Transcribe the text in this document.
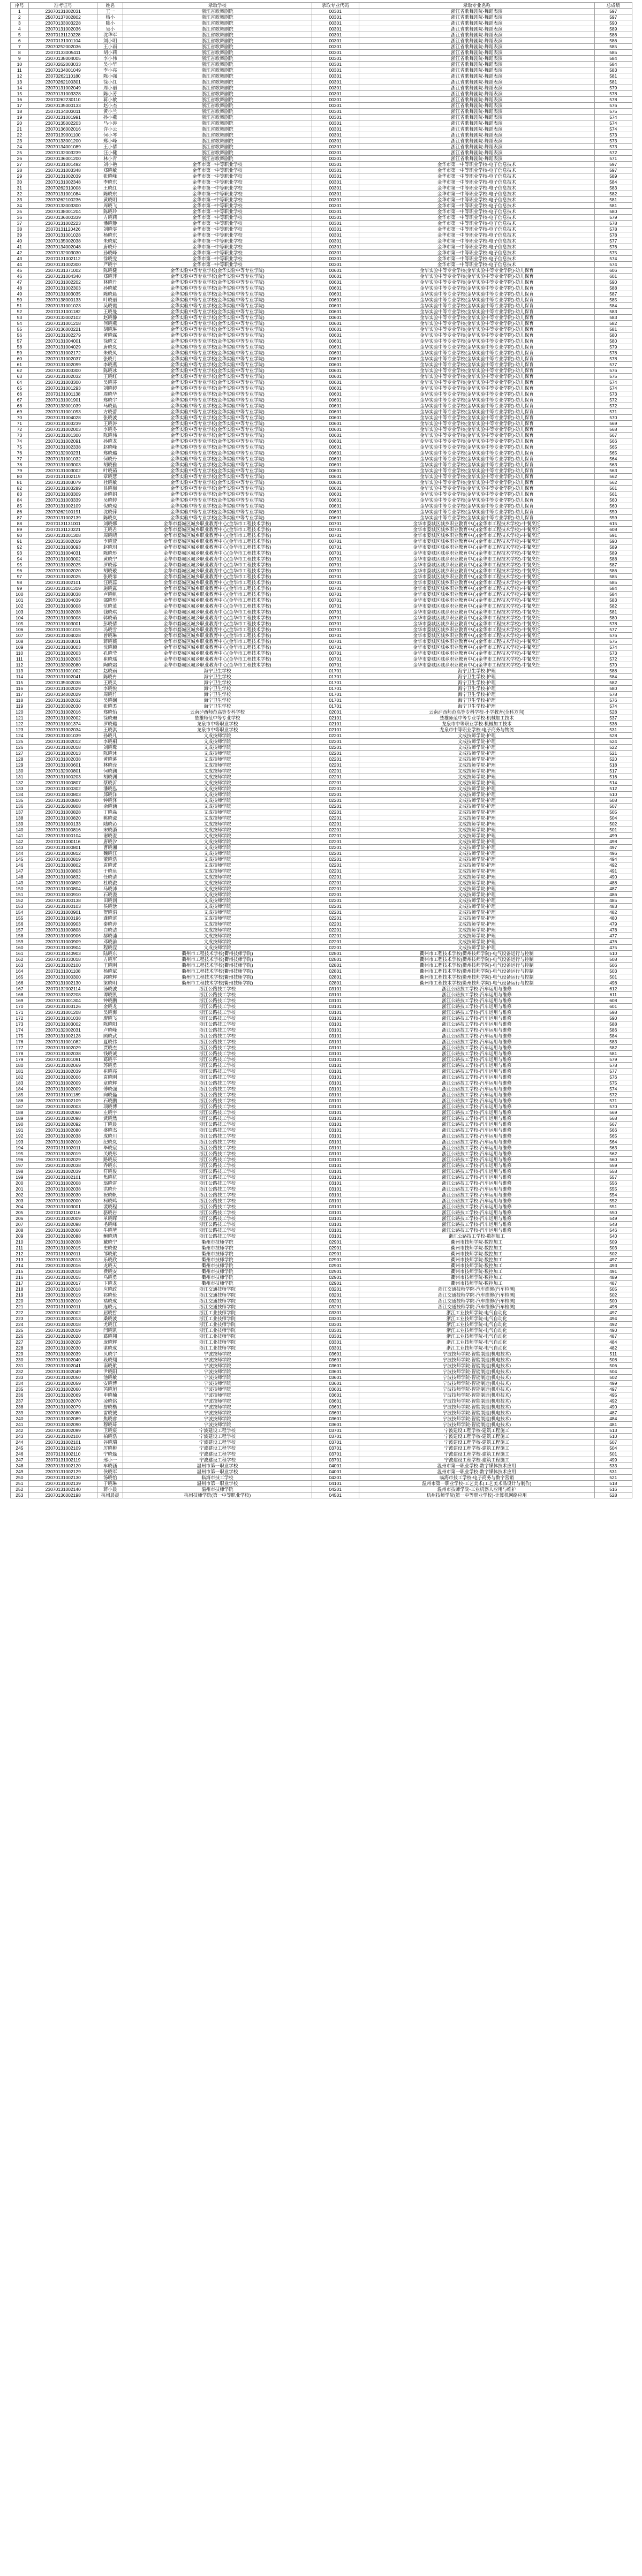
序号	准考证号	姓名	录取学校	录取专业代码	录取专业名称	总成绩
1	23070131002031	王一	浙江省歌舞剧院	00301	浙江省歌舞剧院-舞蹈表演	597
2	25070137002802	杨小	浙江省歌舞剧院	00301	浙江省歌舞剧院-舞蹈表演	597
3	23070133003228	陈小	浙江省歌舞剧院	00301	浙江省歌舞剧院-舞蹈表演	590
4	23070131002036	吴小	浙江省歌舞剧院	00301	浙江省歌舞剧院-舞蹈表演	589
5	23070131120228	沈华军	浙江省歌舞剧院	00301	浙江省歌舞剧院-舞蹈表演	586
6	23070131001104	刘小明	浙江省歌舞剧院	00301	浙江省歌舞剧院-舞蹈表演	586
7	23070252002036	王小雨	浙江省歌舞剧院	00301	浙江省歌舞剧院-舞蹈表演	585
8	23070133005411	胡小莉	浙江省歌舞剧院	00301	浙江省歌舞剧院-舞蹈表演	585
9	23070138004005	李小伟	浙江省歌舞剧院	00301	浙江省歌舞剧院-舞蹈表演	584
10	23070262003033	吴小华	浙江省歌舞剧院	00301	浙江省歌舞剧院-舞蹈表演	584
11	23070134001049	李小亮	浙江省歌舞剧院	00301	浙江省歌舞剧院-舞蹈表演	583
12	23070262110180	陈小强	浙江省歌舞剧院	00301	浙江省歌舞剧院-舞蹈表演	581
13	23070262100301	徐小红	浙江省歌舞剧院	00301	浙江省歌舞剧院-舞蹈表演	581
14	23070131002049	周小丽	浙江省歌舞剧院	00301	浙江省歌舞剧院-舞蹈表演	579
15	23070131003328	陈小芳	浙江省歌舞剧院	00301	浙江省歌舞剧院-舞蹈表演	578
16	23070262230110	蒋小敏	浙江省歌舞剧院	00301	浙江省歌舞剧院-舞蹈表演	578
17	23070135000133	赵小杰	浙江省歌舞剧院	00301	浙江省歌舞剧院-舞蹈表演	576
18	23070134003011	黄小兰	浙江省歌舞剧院	00301	浙江省歌舞剧院-舞蹈表演	575
19	23070131001991	孙小燕	浙江省歌舞剧院	00301	浙江省歌舞剧院-舞蹈表演	574
20	23070135002203	马小涛	浙江省歌舞剧院	00301	浙江省歌舞剧院-舞蹈表演	574
21	23070136002016	许小云	浙江省歌舞剧院	00301	浙江省歌舞剧院-舞蹈表演	574
22	23070139001100	何小琴	浙江省歌舞剧院	00301	浙江省歌舞剧院-舞蹈表演	573
23	23070133001200	郑小峰	浙江省歌舞剧院	00301	浙江省歌舞剧院-舞蹈表演	573
24	23070134001089	王小倩	浙江省歌舞剧院	00301	浙江省歌舞剧院-舞蹈表演	573
25	23070132003239	汪小健	浙江省歌舞剧院	00301	浙江省歌舞剧院-舞蹈表演	572
26	23070136001200	林小青	浙江省歌舞剧院	00301	浙江省歌舞剧院-舞蹈表演	571
27	23070131001492	刘小艳	金华市第一中等职业学校	00301	金华市第一中等职业学校-电子信息技术	597
28	23070131003348	郑晓敏	金华市第一中等职业学校	00301	金华市第一中等职业学校-电子信息技术	597
29	23070131002039	张晓峰	金华市第一中等职业学校	00301	金华市第一中等职业学校-电子信息技术	589
30	23070131002348	李晓东	金华市第一中等职业学校	00301	金华市第一中等职业学校-电子信息技术	584
31	23070262310008	王晓红	金华市第一中等职业学校	00301	金华市第一中等职业学校-电子信息技术	583
32	23070131001084	陈晓东	金华市第一中等职业学校	00301	金华市第一中等职业学校-电子信息技术	582
33	23070262100236	黄晓明	金华市第一中等职业学校	00301	金华市第一中等职业学校-电子信息技术	581
34	23070133003300	周晓飞	金华市第一中等职业学校	00301	金华市第一中等职业学校-电子信息技术	581
35	23070138001204	陈晓玲	金华市第一中等职业学校	00301	金华市第一中等职业学校-电子信息技术	580
36	23070136000339	方晓莉	金华市第一中等职业学校	00301	金华市第一中等职业学校-电子信息技术	579
37	23070131002223	潘晓静	金华市第一中等职业学校	00301	金华市第一中等职业学校-电子信息技术	578
38	23070131120426	刘晓雯	金华市第一中等职业学校	00301	金华市第一中等职业学校-电子信息技术	578
39	23070131001028	杨晓东	金华市第一中等职业学校	00301	金华市第一中等职业学校-电子信息技术	578
40	23070135002038	朱晓斌	金华市第一中等职业学校	00301	金华市第一中等职业学校-电子信息技术	577
41	23070134002048	唐晓玲	金华市第一中等职业学校	00301	金华市第一中等职业学校-电子信息技术	576
42	23070132003030	孙晓峰	金华市第一中等职业学校	00301	金华市第一中等职业学校-电子信息技术	575
43	23070131002112	徐晓雯	金华市第一中等职业学校	00301	金华市第一中等职业学校-电子信息技术	574
44	23070131002300	严晓宇	金华市第一中等职业学校	00301	金华市第一中等职业学校-电子信息技术	574
45	23070131371002	陈晓健	金华实验中等专业学校(金华实验中等专业学院)	00601	金华实验中等专业学校(金华实验中等专业学院)-幼儿保育	606
46	23070131004340	郑晓萍	金华实验中等专业学校(金华实验中等专业学院)	00601	金华实验中等专业学校(金华实验中等专业学院)-幼儿保育	601
47	23070131002202	林晓丹	金华实验中等专业学校(金华实验中等专业学院)	00601	金华实验中等专业学校(金华实验中等专业学院)-幼儿保育	590
48	23070131002303	孙晓敏	金华实验中等专业学校(金华实验中等专业学院)	00601	金华实验中等专业学校(金华实验中等专业学院)-幼儿保育	588
49	23070131003035	陈晓晨	金华实验中等专业学校(金华实验中等专业学院)	00601	金华实验中等专业学校(金华实验中等专业学院)-幼儿保育	587
50	23070138000133	叶晓丽	金华实验中等专业学校(金华实验中等专业学院)	00601	金华实验中等专业学校(金华实验中等专业学院)-幼儿保育	585
51	23070131001023	吴晓霞	金华实验中等专业学校(金华实验中等专业学院)	00601	金华实验中等专业学校(金华实验中等专业学院)-幼儿保育	584
52	23070131001182	王晓曼	金华实验中等专业学校(金华实验中等专业学院)	00601	金华实验中等专业学校(金华实验中等专业学院)-幼儿保育	583
53	23070133002102	赵晓静	金华实验中等专业学校(金华实验中等专业学院)	00601	金华实验中等专业学校(金华实验中等专业学院)-幼儿保育	583
54	23070131001218	何晓燕	金华实验中等专业学校(金华实验中等专业学院)	00601	金华实验中等专业学校(金华实验中等专业学院)-幼儿保育	582
55	23070136000221	胡晓琳	金华实验中等专业学校(金华实验中等专业学院)	00601	金华实验中等专业学校(金华实验中等专业学院)-幼儿保育	581
56	23070131002279	黄晓霖	金华实验中等专业学校(金华实验中等专业学院)	00601	金华实验中等专业学校(金华实验中等专业学院)-幼儿保育	580
57	23070131004001	徐晓文	金华实验中等专业学校(金华实验中等专业学院)	00601	金华实验中等专业学校(金华实验中等专业学院)-幼儿保育	580
58	23070131004029	唐晓岚	金华实验中等专业学校(金华实验中等专业学院)	00601	金华实验中等专业学校(金华实验中等专业学院)-幼儿保育	579
59	23070131002172	朱晓凤	金华实验中等专业学校(金华实验中等专业学院)	00601	金华实验中等专业学校(金华实验中等专业学院)-幼儿保育	578
60	23070131002037	张晓月	金华实验中等专业学校(金华实验中等专业学院)	00601	金华实验中等专业学校(金华实验中等专业学院)-幼儿保育	578
61	23070131002099	李晓燕	金华实验中等专业学校(金华实验中等专业学院)	00601	金华实验中等专业学校(金华实验中等专业学院)-幼儿保育	577
62	23070131003300	陈晓冰	金华实验中等专业学校(金华实验中等专业学院)	00601	金华实验中等专业学校(金华实验中等专业学院)-幼儿保育	576
63	23070131002032	王晓红	金华实验中等专业学校(金华实验中等专业学院)	00601	金华实验中等专业学校(金华实验中等专业学院)-幼儿保育	575
64	23070131003300	吴晓芬	金华实验中等专业学校(金华实验中等专业学院)	00601	金华实验中等专业学校(金华实验中等专业学院)-幼儿保育	574
65	23070131001293	刘晓婷	金华实验中等专业学校(金华实验中等专业学院)	00601	金华实验中等专业学校(金华实验中等专业学院)-幼儿保育	574
66	23070131001138	周晓华	金华实验中等专业学校(金华实验中等专业学院)	00601	金华实验中等专业学校(金华实验中等专业学院)-幼儿保育	573
67	23070131001901	郑晓宇	金华实验中等专业学校(金华实验中等专业学院)	00601	金华实验中等专业学校(金华实验中等专业学院)-幼儿保育	572
68	23070133001039	马晓晨	金华实验中等专业学校(金华实验中等专业学院)	00601	金华实验中等专业学校(金华实验中等专业学院)-幼儿保育	572
69	23070131001093	方晓蕾	金华实验中等专业学校(金华实验中等专业学院)	00601	金华实验中等专业学校(金华实验中等专业学院)-幼儿保育	571
70	23070131004028	张晓波	金华实验中等专业学校(金华实验中等专业学院)	00601	金华实验中等专业学校(金华实验中等专业学院)-幼儿保育	570
71	23070131003239	王晓涛	金华实验中等专业学校(金华实验中等专业学院)	00601	金华实验中等专业学校(金华实验中等专业学院)-幼儿保育	569
72	23070131002003	李晓冬	金华实验中等专业学校(金华实验中等专业学院)	00601	金华实验中等专业学校(金华实验中等专业学院)-幼儿保育	568
73	23070131001300	陈晓伟	金华实验中等专业学校(金华实验中等专业学院)	00601	金华实验中等专业学校(金华实验中等专业学院)-幼儿保育	567
74	23070131002091	孙晓龙	金华实验中等专业学校(金华实验中等专业学院)	00601	金华实验中等专业学校(金华实验中等专业学院)-幼儿保育	566
75	23070131002338	赵晓峰	金华实验中等专业学校(金华实验中等专业学院)	00601	金华实验中等专业学校(金华实验中等专业学院)-幼儿保育	565
76	23070132000231	郑晓璐	金华实验中等专业学校(金华实验中等专业学院)	00601	金华实验中等专业学校(金华实验中等专业学院)-幼儿保育	565
77	23070131001032	何晓丹	金华实验中等专业学校(金华实验中等专业学院)	00601	金华实验中等专业学校(金华实验中等专业学院)-幼儿保育	564
78	23070131003003	胡晓雅	金华实验中等专业学校(金华实验中等专业学院)	00601	金华实验中等专业学校(金华实验中等专业学院)-幼儿保育	563
79	23070131003002	叶晓茹	金华实验中等专业学校(金华实验中等专业学院)	00601	金华实验中等专业学校(金华实验中等专业学院)-幼儿保育	563
80	23070131002119	章晓慧	金华实验中等专业学校(金华实验中等专业学院)	00601	金华实验中等专业学校(金华实验中等专业学院)-幼儿保育	562
81	23070131003079	杜晓敏	金华实验中等专业学校(金华实验中等专业学院)	00601	金华实验中等专业学校(金华实验中等专业学院)-幼儿保育	562
82	23070131003289	吕晓梅	金华实验中等专业学校(金华实验中等专业学院)	00601	金华实验中等专业学校(金华实验中等专业学院)-幼儿保育	561
83	23070131003309	金晓娟	金华实验中等专业学校(金华实验中等专业学院)	00601	金华实验中等专业学校(金华实验中等专业学院)-幼儿保育	561
84	23070131003339	吴晓婷	金华实验中等专业学校(金华实验中等专业学院)	00601	金华实验中等专业学校(金华实验中等专业学院)-幼儿保育	560
85	23070131002109	倪晓琼	金华实验中等专业学校(金华实验中等专业学院)	00601	金华实验中等专业学校(金华实验中等专业学院)-幼儿保育	560
86	23070262100191	沈晓萍	金华实验中等专业学校(金华实验中等专业学院)	00601	金华实验中等专业学校(金华实验中等专业学院)-幼儿保育	559
87	23070131002139	陈晓岚	金华实验中等专业学校(金华实验中等专业学院)	00601	金华实验中等专业学校(金华实验中等专业学院)-幼儿保育	559
88	23070131131001	刘晓娜	金华市婺城区城乡职业教育中心(金华市工程技术学校)	00701	金华市婺城区城乡职业教育中心(金华市工程技术学校)-中餐烹饪	615
89	23070131120221	王晓君	金华市婺城区城乡职业教育中心(金华市工程技术学校)	00701	金华市婺城区城乡职业教育中心(金华市工程技术学校)-中餐烹饪	608
90	23070131001308	周晓晴	金华市婺城区城乡职业教育中心(金华市工程技术学校)	00701	金华市婺城区城乡职业教育中心(金华市工程技术学校)-中餐烹饪	591
91	23070133002019	李晓萱	金华市婺城区城乡职业教育中心(金华市工程技术学校)	00701	金华市婺城区城乡职业教育中心(金华市工程技术学校)-中餐烹饪	590
92	23070131003093	赵晓玥	金华市婺城区城乡职业教育中心(金华市工程技术学校)	00701	金华市婺城区城乡职业教育中心(金华市工程技术学校)-中餐烹饪	589
93	23070131004031	陈晓彤	金华市婺城区城乡职业教育中心(金华市工程技术学校)	00701	金华市婺城区城乡职业教育中心(金华市工程技术学校)-中餐烹饪	589
94	23070131003002	黄晓宁	金华市婺城区城乡职业教育中心(金华市工程技术学校)	00701	金华市婺城区城乡职业教育中心(金华市工程技术学校)-中餐烹饪	588
95	23070131002025	罗晓蓉	金华市婺城区城乡职业教育中心(金华市工程技术学校)	00701	金华市婺城区城乡职业教育中心(金华市工程技术学校)-中餐烹饪	587
96	23070131002020	胡晓璇	金华市婺城区城乡职业教育中心(金华市工程技术学校)	00701	金华市婺城区城乡职业教育中心(金华市工程技术学校)-中餐烹饪	586
97	23070131002025	张晓霏	金华市婺城区城乡职业教育中心(金华市工程技术学校)	00701	金华市婺城区城乡职业教育中心(金华市工程技术学校)-中餐烹饪	585
98	23070131002101	汪晓蕊	金华市婺城区城乡职业教育中心(金华市工程技术学校)	00701	金华市婺城区城乡职业教育中心(金华市工程技术学校)-中餐烹饪	585
99	23070131001319	施晓露	金华市婺城区城乡职业教育中心(金华市工程技术学校)	00701	金华市婺城区城乡职业教育中心(金华市工程技术学校)-中餐烹饪	584
100	23070131003038	卢晓帆	金华市婺城区城乡职业教育中心(金华市工程技术学校)	00701	金华市婺城区城乡职业教育中心(金华市工程技术学校)-中餐烹饪	584
101	23070131004039	邵晓彤	金华市婺城区城乡职业教育中心(金华市工程技术学校)	00701	金华市婺城区城乡职业教育中心(金华市工程技术学校)-中餐烹饪	583
102	23070131003008	范晓蓝	金华市婺城区城乡职业教育中心(金华市工程技术学校)	00701	金华市婺城区城乡职业教育中心(金华市工程技术学校)-中餐烹饪	582
103	23070131002038	钱晓琪	金华市婺城区城乡职业教育中心(金华市工程技术学校)	00701	金华市婺城区城乡职业教育中心(金华市工程技术学校)-中餐烹饪	581
104	23070131003008	韩晓萌	金华市婺城区城乡职业教育中心(金华市工程技术学校)	00701	金华市婺城区城乡职业教育中心(金华市工程技术学校)-中餐烹饪	580
105	23070131003001	彭晓倩	金华市婺城区城乡职业教育中心(金华市工程技术学校)	00701	金华市婺城区城乡职业教育中心(金华市工程技术学校)-中餐烹饪	578
106	23070131001015	冯晓雪	金华市婺城区城乡职业教育中心(金华市工程技术学校)	00701	金华市婺城区城乡职业教育中心(金华市工程技术学校)-中餐烹饪	577
107	23070131004028	曾晓琳	金华市婺城区城乡职业教育中心(金华市工程技术学校)	00701	金华市婺城区城乡职业教育中心(金华市工程技术学校)-中餐烹饪	576
108	23070131003031	蒋晓薇	金华市婺城区城乡职业教育中心(金华市工程技术学校)	00701	金华市婺城区城乡职业教育中心(金华市工程技术学校)-中餐烹饪	575
109	23070131003003	沈晓颖	金华市婺城区城乡职业教育中心(金华市工程技术学校)	00701	金华市婺城区城乡职业教育中心(金华市工程技术学校)-中餐烹饪	574
110	23070131002003	孔晓莹	金华市婺城区城乡职业教育中心(金华市工程技术学校)	00701	金华市婺城区城乡职业教育中心(金华市工程技术学校)-中餐烹饪	573
111	23070131002003	崔晓瑶	金华市婺城区城乡职业教育中心(金华市工程技术学校)	00701	金华市婺城区城乡职业教育中心(金华市工程技术学校)-中餐烹饪	572
112	23070133002080	陶晓霜	金华市婺城区城乡职业教育中心(金华市工程技术学校)	00701	金华市婺城区城乡职业教育中心(金华市工程技术学校)-中餐烹饪	570
113	23070131001002	赵晓雨	海宁卫生学校	01701	海宁卫生学校-护理	588
114	23070131002041	陈晓冉	海宁卫生学校	01701	海宁卫生学校-护理	584
115	23070135002038	王晓灵	海宁卫生学校	01701	海宁卫生学校-护理	582
116	23070131002029	李晓悦	海宁卫生学校	01701	海宁卫生学校-护理	580
117	23070134002029	周晓竹	海宁卫生学校	01701	海宁卫生学校-护理	578
118	23070131002032	吴晓娴	海宁卫生学校	01701	海宁卫生学校-护理	576
119	23070133002030	张晓柔	海宁卫生学校	01701	海宁卫生学校-护理	574
120	23070131002016	郑晓怡	云南泸西师范高等专科学校	02001	云南泸西师范高等专科学校-小学教育(全科方向)	528
121	23070131002002	徐晓珊	楚雄师范中等专业学校	02101	楚雄师范中等专业学校-机械加工技术	537
122	23070131001374	罗晓璐	龙泉市中等职业学校	02101	龙泉市中等职业学校-机械加工技术	536
123	23070131002034	王晓淇	龙泉市中等职业学校	02101	龙泉市中等职业学校-电子商务与物流	531
124	23070131001039	孙晓凡	文成技师学院	02201	文成技师学院-护理	528
125	23070131002012	李晓桐	文成技师学院	02201	文成技师学院-护理	524
126	23070131002018	刘晓鹭	文成技师学院	02201	文成技师学院-护理	522
127	23070131002013	陈晓沐	文成技师学院	02201	文成技师学院-护理	521
128	23070131002038	黄晓溪	文成技师学院	02201	文成技师学院-护理	520
129	23070131000601	林晓滢	文成技师学院	02201	文成技师学院-护理	518
130	23070132000801	何晓澜	文成技师学院	02201	文成技师学院-护理	517
131	23070131000203	胡晓渊	文成技师学院	02201	文成技师学院-护理	516
132	23070131000807	蔡晓沂	文成技师学院	02201	文成技师学院-护理	514
133	23070131000302	潘晓泓	文成技师学院	02201	文成技师学院-护理	512
134	23070131000803	邱晓洋	文成技师学院	02201	文成技师学院-护理	510
135	23070131000800	钟晓泽	文成技师学院	02201	文成技师学院-护理	508
136	23070132000808	余晓涵	文成技师学院	02201	文成技师学院-护理	507
137	23070131000828	丁晓淼	文成技师学院	02201	文成技师学院-护理	505
138	23070131000820	姚晓濛	文成技师学院	02201	文成技师学院-护理	504
139	23070131000133	陆晓沁	文成技师学院	02201	文成技师学院-护理	502
140	23070131000816	宋晓漪	文成技师学院	02201	文成技师学院-护理	501
141	23070131000104	谢晓澄	文成技师学院	02201	文成技师学院-护理	499
142	23070131000116	唐晓汐	文成技师学院	02201	文成技师学院-护理	498
143	23070131000801	曹晓湘	文成技师学院	02201	文成技师学院-护理	497
144	23070131000812	魏晓江	文成技师学院	02201	文成技师学院-护理	496
145	23070131000819	董晓浩	文成技师学院	02201	文成技师学院-护理	494
146	23070131000802	袁晓波	文成技师学院	02201	文成技师学院-护理	492
147	23070131000803	于晓泉	文成技师学院	02201	文成技师学院-护理	491
148	23070131000832	任晓清	文成技师学院	02201	文成技师学院-护理	490
149	23070131000809	杜晓澈	文成技师学院	02201	文成技师学院-护理	488
150	23070131000804	马晓沛	文成技师学院	02201	文成技师学院-护理	487
151	23070131000910	石晓漫	文成技师学院	02201	文成技师学院-护理	486
152	23070131000138	田晓润	文成技师学院	02201	文成技师学院-护理	485
153	23070131000103	侯晓浛	文成技师学院	02201	文成技师学院-护理	483
154	23070131000901	贺晓涓	文成技师学院	02201	文成技师学院-护理	482
155	23070131000196	龚晓滨	文成技师学院	02201	文成技师学院-护理	480
156	23070131000903	秦晓涛	文成技师学院	02201	文成技师学院-护理	479
157	23070131000808	白晓洁	文成技师学院	02201	文成技师学院-护理	478
158	23070131000906	郝晓浦	文成技师学院	02201	文成技师学院-护理	477
159	23070131000909	邓晓渝	文成技师学院	02201	文成技师学院-护理	476
160	23070131000904	程晓滢	文成技师学院	02201	文成技师学院-护理	475
161	23070131040903	陆晓东	衢州市工程技术学校(衢州技师学院)	02801	衢州市工程技术学校(衢州技师学院)-电气设备运行与控制	510
162	23070131030018	方晓军	衢州市工程技术学校(衢州技师学院)	02801	衢州市工程技术学校(衢州技师学院)-电气设备运行与控制	508
163	23070131002100	王晓刚	衢州市工程技术学校(衢州技师学院)	02801	衢州市工程技术学校(衢州技师学院)-电气设备运行与控制	506
164	23070131001108	杨晓斌	衢州市工程技术学校(衢州技师学院)	02801	衢州市工程技术学校(衢州技师学院)-电气设备运行与控制	503
165	23070131000300	郭晓辉	衢州市工程技术学校(衢州技师学院)	02801	衢州市工程技术学校(衢州技师学院)-电气设备运行与控制	501
166	23070131002130	梁晓明	衢州市工程技术学校(衢州技师学院)	02801	衢州市工程技术学校(衢州技师学院)-电气设备运行与控制	498
167	23070132002114	汤晓波	浙江公路技工学校	03101	浙江公路技工学校-汽车运用与维修	612
168	23070131002208	谭晓凯	浙江公路技工学校	03101	浙江公路技工学校-汽车运用与维修	611
169	23070131001304	钟晓鹏	浙江公路技工学校	03101	浙江公路技工学校-汽车运用与维修	608
170	23070131003126	金晓龙	浙江公路技工学校	03101	浙江公路技工学校-汽车运用与维修	601
171	23070131001208	吴晓海	浙江公路技工学校	03101	浙江公路技工学校-汽车运用与维修	598
172	23070131001038	廖晓飞	浙江公路技工学校	03101	浙江公路技工学校-汽车运用与维修	590
173	23070131003002	陈晓阳	浙江公路技工学校	03101	浙江公路技工学校-汽车运用与维修	588
174	23070132002031	卢晓峰	浙江公路技工学校	03101	浙江公路技工学校-汽车运用与维修	586
175	23070131002128	顾晓武	浙江公路技工学校	03101	浙江公路技工学校-汽车运用与维修	584
176	23070131001082	夏晓伟	浙江公路技工学校	03101	浙江公路技工学校-汽车运用与维修	583
177	23070131002029	贾晓杰	浙江公路技工学校	03101	浙江公路技工学校-汽车运用与维修	582
178	23070131002038	钱晓诚	浙江公路技工学校	03101	浙江公路技工学校-汽车运用与维修	581
179	23070131001091	葛晓平	浙江公路技工学校	03101	浙江公路技工学校-汽车运用与维修	579
180	23070131002069	苏晓勇	浙江公路技工学校	03101	浙江公路技工学校-汽车运用与维修	578
181	23070131002039	崔晓亮	浙江公路技工学校	03101	浙江公路技工学校-汽车运用与维修	577
182	23070131002006	袁晓刚	浙江公路技工学校	03101	浙江公路技工学校-汽车运用与维修	576
183	23070131002009	章晓辉	浙江公路技工学校	03101	浙江公路技工学校-汽车运用与维修	575
184	23070131002009	傅晓强	浙江公路技工学校	03101	浙江公路技工学校-汽车运用与维修	574
185	23070131001189	向晓磊	浙江公路技工学校	03101	浙江公路技工学校-汽车运用与维修	572
186	23070131002109	石晓鹏	浙江公路技工学校	03101	浙江公路技工学校-汽车运用与维修	571
187	23070131002003	项晓博	浙江公路技工学校	03101	浙江公路技工学校-汽车运用与维修	570
188	23070131002060	左晓宇	浙江公路技工学校	03101	浙江公路技工学校-汽车运用与维修	569
189	23070131002098	武晓然	浙江公路技工学校	03101	浙江公路技工学校-汽车运用与维修	568
190	23070131002092	丁晓晨	浙江公路技工学校	03101	浙江公路技工学校-汽车运用与维修	567
191	23070131002080	盛晓杰	浙江公路技工学校	03101	浙江公路技工学校-汽车运用与维修	566
192	23070131002038	成晓川	浙江公路技工学校	03101	浙江公路技工学校-汽车运用与维修	565
193	23070131002010	纪晓岚	浙江公路技工学校	03101	浙江公路技工学校-汽车运用与维修	564
194	23070131002011	毕晓宸	浙江公路技工学校	03101	浙江公路技工学校-汽车运用与维修	563
195	23070131002019	关晓彤	浙江公路技工学校	03101	浙江公路技工学校-汽车运用与维修	562
196	23070131002029	路晓辰	浙江公路技工学校	03101	浙江公路技工学校-汽车运用与维修	560
197	23070131002038	乔晓东	浙江公路技工学校	03101	浙江公路技工学校-汽车运用与维修	559
198	23070131002039	符晓俊	浙江公路技工学校	03101	浙江公路技工学校-汽车运用与维修	558
199	23070131002101	焦晓杭	浙江公路技工学校	03101	浙江公路技工学校-汽车运用与维修	557
200	23070131002008	翁晓雷	浙江公路技工学校	03101	浙江公路技工学校-汽车运用与维修	556
201	23070131002038	洪晓舟	浙江公路技工学校	03101	浙江公路技工学校-汽车运用与维修	555
202	23070131002030	祝晓帆	浙江公路技工学校	03101	浙江公路技工学校-汽车运用与维修	554
203	23070131002000	柯晓鸣	浙江公路技工学校	03101	浙江公路技工学校-汽车运用与维修	552
204	23070131003001	裴晓程	浙江公路技工学校	03101	浙江公路技工学校-汽车运用与维修	551
205	23070131002116	骆晓岩	浙江公路技工学校	03101	浙江公路技工学校-汽车运用与维修	550
206	23070131002009	单晓晖	浙江公路技工学校	03101	浙江公路技工学校-汽车运用与维修	549
207	23070131002098	毛晓峰	浙江公路技工学校	03101	浙江公路技工学校-汽车运用与维修	548
208	23070131002060	牛晓堃	浙江公路技工学校	03101	浙江公路技工学校-汽车运用与维修	546
209	23070131002088	鲍晓靖	浙江公路技工学校	03101	浙江公路技工学校-数控加工	540
210	23070131002038	戴晓宁	衢州市技师学院	02901	衢州市技师学院-数控加工	509
211	23070131002015	史晓俊	衢州市技师学院	02901	衢州市技师学院-数控加工	503
212	23070131002011	邹晓航	衢州市技师学院	02901	衢州市技师学院-数控加工	502
213	23070131002013	乐晓欣	衢州市技师学院	02901	衢州市技师学院-数控加工	497
214	23070131002016	龙晓天	衢州市技师学院	02901	衢州市技师学院-数控加工	493
215	23070131002018	费晓安	衢州市技师学院	02901	衢州市技师学院-数控加工	491
216	23070131002015	乌晓勇	衢州市技师学院	02901	衢州市技师学院-数控加工	489
217	23070131002017	卞晓龙	衢州市技师学院	02901	衢州市技师学院-数控加工	487
218	23070131002018	应晓政	浙江交通技师学院	03201	浙江交通技师学院-汽车维修(汽车检测)	505
219	23070131002019	祁晓伦	浙江交通技师学院	03201	浙江交通技师学院-汽车维修(汽车检测)	502
220	23070131002010	褚晓成	浙江交通技师学院	03201	浙江交通技师学院-汽车维修(汽车检测)	500
221	23070131002011	连晓元	浙江交通技师学院	03201	浙江交通技师学院-汽车维修(汽车检测)	498
222	23070131002002	屈晓哲	浙江工业技师学院	03301	浙江工业技师学院-电气自动化	497
223	23070131002013	桑晓波	浙江工业技师学院	03301	浙江工业技师学院-电气自动化	494
224	23070131002018	尤晓江	浙江工业技师学院	03301	浙江工业技师学院-电气自动化	492
225	23070131002019	闫晓凯	浙江工业技师学院	03301	浙江工业技师学院-电气自动化	490
226	23070131002020	葛晓翔	浙江工业技师学院	03301	浙江工业技师学院-电气自动化	487
227	23070131002029	庞晓辉	浙江工业技师学院	03301	浙江工业技师学院-电气自动化	484
228	23070131002030	湛晓成	浙江工业技师学院	03301	浙江工业技师学院-电气自动化	482
229	23070131002039	贝晓宇	宁波技师学院	03601	宁波技师学院-智能制造(机电技术)	511
230	23070131002040	段晓翔	宁波技师学院	03601	宁波技师学院-智能制造(机电技术)	508
231	23070131002041	南晓航	宁波技师学院	03601	宁波技师学院-智能制造(机电技术)	506
232	23070131002049	尹晓阳	宁波技师学院	03601	宁波技师学院-智能制造(机电技术)	504
233	23070131002050	池晓敏	宁波技师学院	03601	宁波技师学院-智能制造(机电技术)	502
234	23070131002059	安晓博	宁波技师学院	03601	宁波技师学院-智能制造(机电技术)	499
235	23070131002060	芮晓旭	宁波技师学院	03601	宁波技师学院-智能制造(机电技术)	497
236	23070131002069	申晓楠	宁波技师学院	03601	宁波技师学院-智能制造(机电技术)	495
237	23070131002070	凌晓铭	宁波技师学院	03601	宁波技师学院-智能制造(机电技术)	492
238	23070131002079	詹晓楷	宁波技师学院	03601	宁波技师学院-智能制造(机电技术)	490
239	23070131002080	雷晓铖	宁波技师学院	03601	宁波技师学院-智能制造(机电技术)	487
240	23070131002089	焦晓睿	宁波技师学院	03601	宁波技师学院-智能制造(机电技术)	484
241	23070131002090	穆晓琦	宁波技师学院	03601	宁波技师学院-智能制造(机电技术)	481
242	23070131002099	卫晓宸	宁波建设工程学校	03701	宁波建设工程学校-建筑工程施工	513
243	23070131002100	柏晓浩	宁波建设工程学校	03701	宁波建设工程学校-建筑工程施工	510
244	23070131002101	谷晓瑞	宁波建设工程学校	03701	宁波建设工程学校-建筑工程施工	507
245	23070131002109	厉晓彬	宁波建设工程学校	03701	宁波建设工程学校-建筑工程施工	504
246	23070131002110	宁晓磊	宁波建设工程学校	03701	宁波建设工程学校-建筑工程施工	501
247	23070131002119	邢小一	宁波建设工程学校	03701	宁波建设工程学校-建筑工程施工	499
248	23070131002120	车晓涵	温州市第一职业学校	04001	温州市第一职业学校-数字媒体技术应用	533
249	23070131002129	侯晓军	温州市第一职业学校	04001	温州市第一职业学校-数字媒体技术应用	531
250	23070131002130	汤晓怡	临海市技工学校	04301	临海市技工学校-电子商务与数字营销	521
251	23070131002139	于晓琳	温州市第一职业学校	04101	温州市第一职业学校-工艺美术(工艺美术品设计与制作)	518
252	23070131002140	蒋小晨	温州市技师学院	04201	温州市技师学院-工业机器人应用与维护	516
253	23070136002198	杭州晨晨	杭州技师学院(第一中等职业学校)	04501	杭州技师学院(第一中等职业学校)-计算机网络应用	528
